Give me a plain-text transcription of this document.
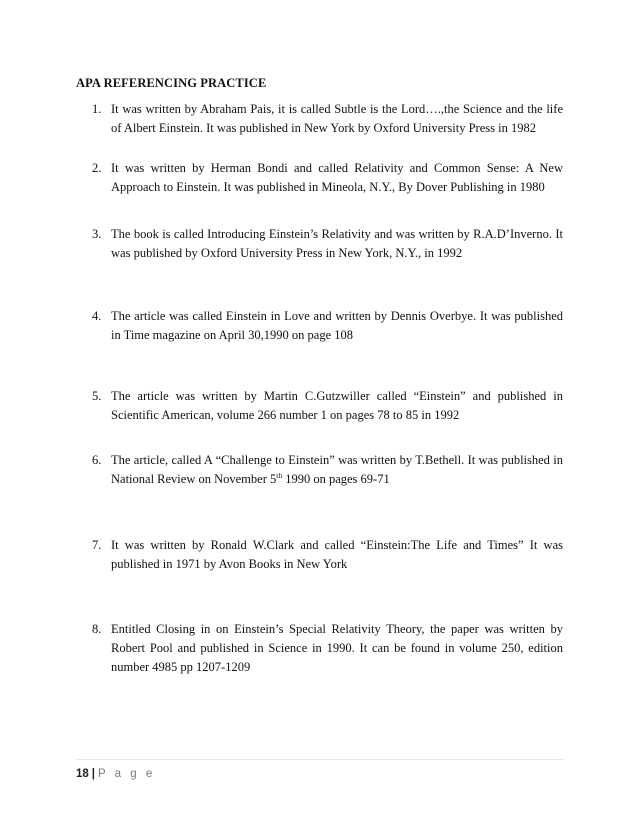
APA REFERENCING PRACTICE
1. It was written by Abraham Pais, it is called Subtle is the Lord….,the Science and the life of Albert Einstein. It was published in New York by Oxford University Press in 1982
2. It was written by Herman Bondi and called Relativity and Common Sense: A New Approach to Einstein. It was published in Mineola, N.Y., By Dover Publishing in 1980
3. The book is called Introducing Einstein’s Relativity and was written by R.A.D’Inverno. It was published by Oxford University Press in New York, N.Y., in 1992
4. The article was called Einstein in Love and written by Dennis Overbye. It was published in Time magazine on April 30,1990 on page 108
5. The article was written by Martin C.Gutzwiller called “Einstein” and published in Scientific American, volume 266 number 1 on pages 78 to 85 in 1992
6. The article, called A “Challenge to Einstein” was written by T.Bethell. It was published in National Review on November 5th 1990 on pages 69-71
7. It was written by Ronald W.Clark and called “Einstein:The Life and Times” It was published in 1971 by Avon Books in New York
8. Entitled Closing in on Einstein’s Special Relativity Theory, the paper was written by Robert Pool and published in Science in 1990. It can be found in volume 250, edition number 4985 pp 1207-1209
18 | P a g e
